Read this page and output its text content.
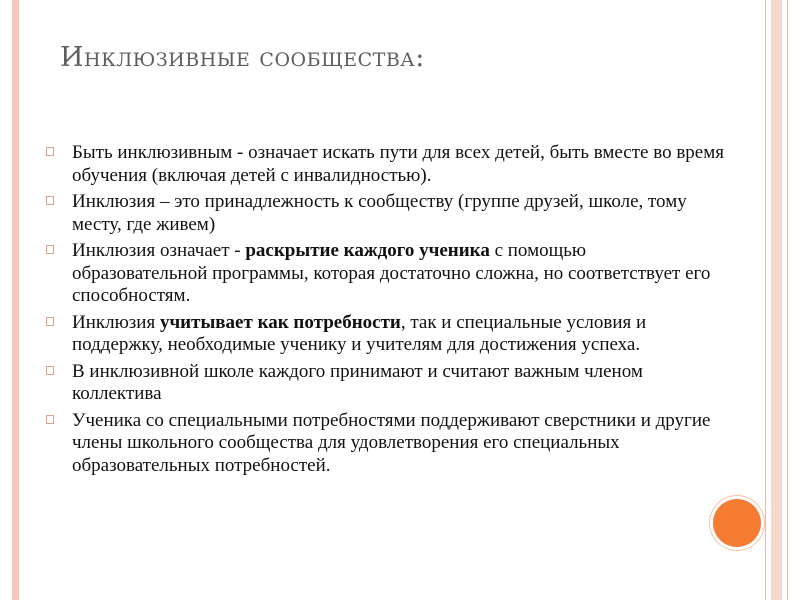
Инклюзивные сообщества:
Быть инклюзивным - означает искать пути для всех детей, быть вместе во время обучения (включая детей с инвалидностью).
Инклюзия – это принадлежность к сообществу (группе друзей, школе, тому месту, где живем)
Инклюзия означает - раскрытие каждого ученика с помощью образовательной программы, которая достаточно сложна, но соответствует его способностям.
Инклюзия учитывает как потребности, так и специальные условия и поддержку, необходимые ученику и учителям для достижения успеха.
В инклюзивной школе каждого принимают и считают важным членом коллектива
Ученика со специальными потребностями поддерживают сверстники и другие члены школьного сообщества для удовлетворения его специальных образовательных потребностей.
